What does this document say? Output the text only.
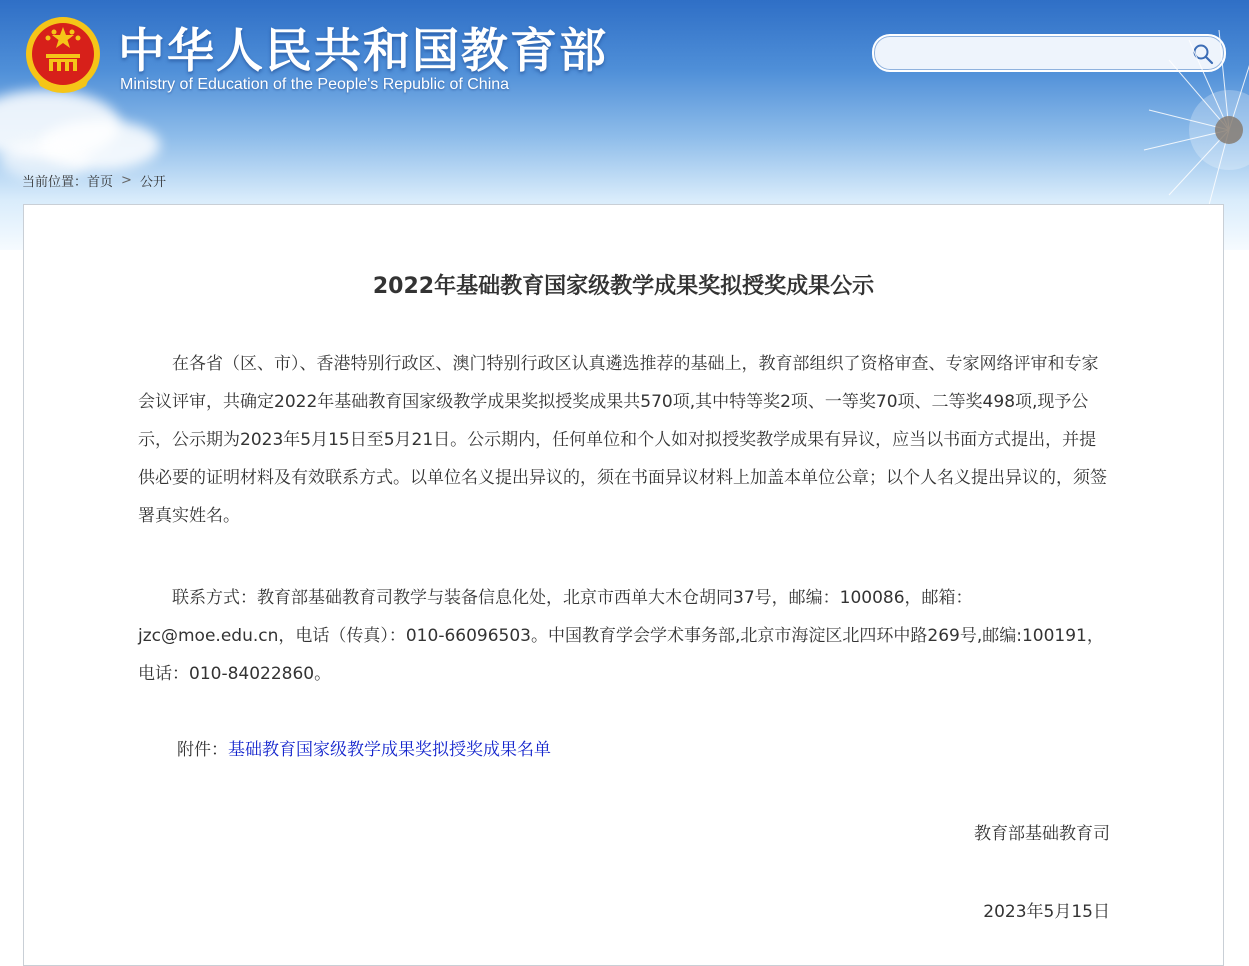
中华人民共和国教育部

Ministry of Education of the People's Republic of China

当前位置：首页 > 公开
2022年基础教育国家级教学成果奖拟授奖成果公示

在各省（区、市）、香港特别行政区、澳门特别行政区认真遴选推荐的基础上，教育部组织了资格审查、专家网络评审和专家会议评审，共确定2022年基础教育国家级教学成果奖拟授奖成果共570项,其中特等奖2项、一等奖70项、二等奖498项,现予公示，公示期为2023年5月15日至5月21日。公示期内，任何单位和个人如对拟授奖教学成果有异议，应当以书面方式提出，并提供必要的证明材料及有效联系方式。以单位名义提出异议的，须在书面异议材料上加盖本单位公章；以个人名义提出异议的，须签署真实姓名。

联系方式：教育部基础教育司教学与装备信息化处，北京市西单大木仓胡同37号，邮编：100086，邮箱：jzc@moe.edu.cn，电话（传真）：010-66096503。中国教育学会学术事务部,北京市海淀区北四环中路269号,邮编:100191，电话：010-84022860。

附件：基础教育国家级教学成果奖拟授奖成果名单
教育部基础教育司
2023年5月15日
